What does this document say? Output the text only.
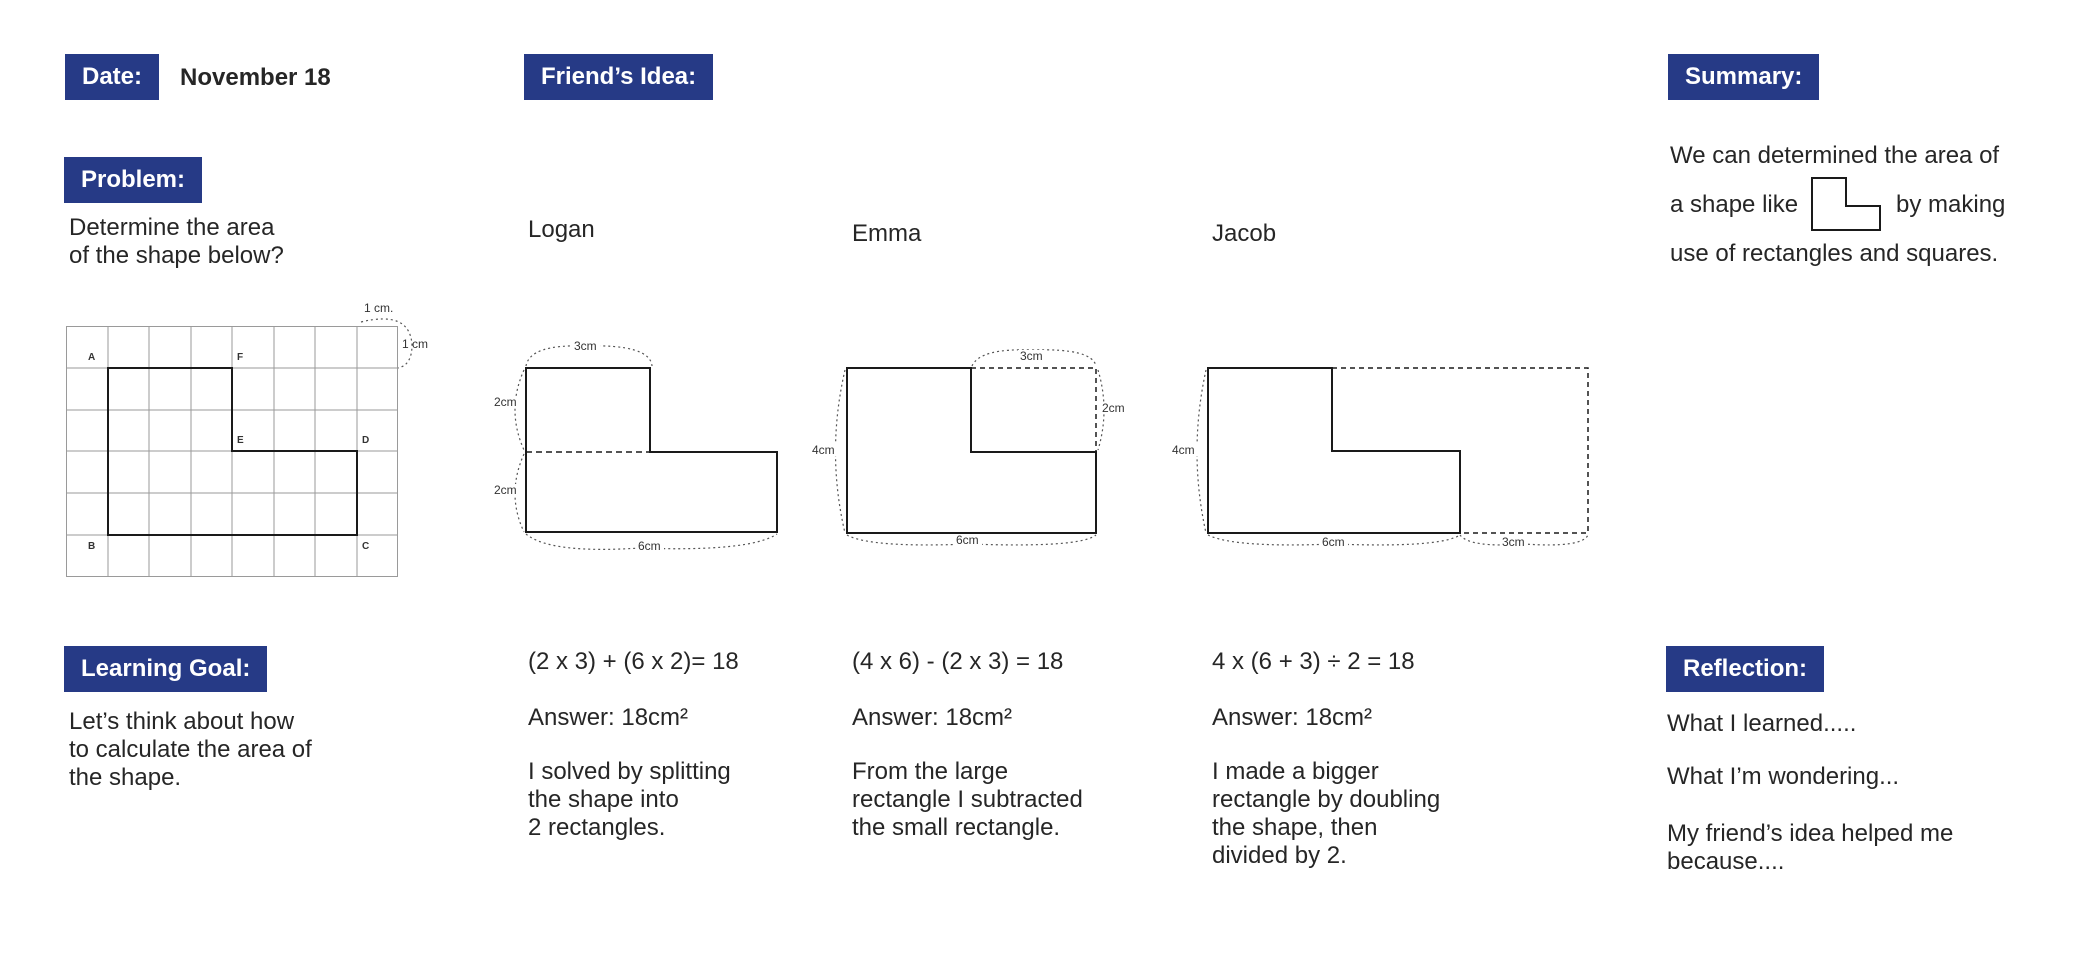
Date:	November 18	Friend’s Idea:	Summary:
Problem:
Learning Goal:	Reflection:
Determine the area
of the shape below?
1 cm.
1 cm
A	F
E	D
B	C
Logan	Emma	Jacob
3cm
2cm
2cm
6cm
3cm
2cm
4cm
6cm
4cm
6cm	3cm
We can determined the area of
a shape like	by making
use of rectangles and squares.
Let’s think about how
to calculate the area of
the shape.
(2 x 3) + (6 x 2)= 18
Answer: 18cm²
I solved by splitting
the shape into
2 rectangles.
(4 x 6) - (2 x 3) = 18
Answer: 18cm²
From the large
rectangle I subtracted
the small rectangle.
4 x (6 + 3) ÷ 2 = 18
Answer: 18cm²
I made a bigger
rectangle by doubling
the shape, then
divided by 2.
What I learned.....
What I’m wondering...
My friend’s idea helped me
because....
